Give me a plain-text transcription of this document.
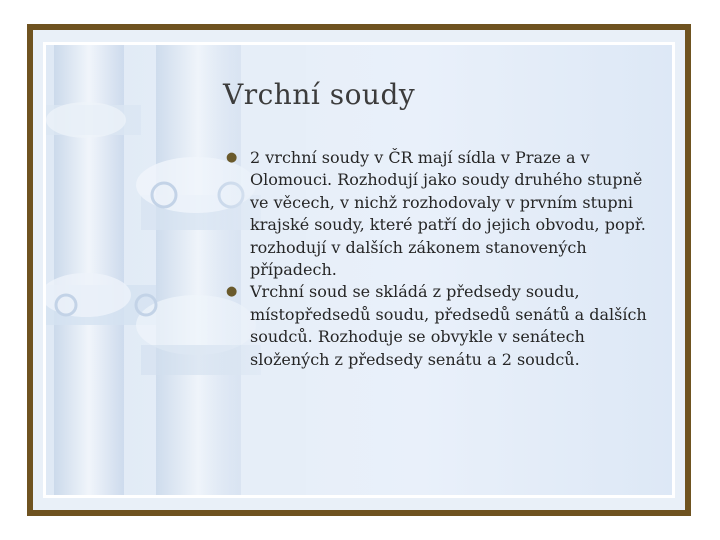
Vrchní soudy
● 2 vrchní soudy v ČR mají sídla v Praze a v Olomouci. Rozhodují jako soudy druhého stupně ve věcech, v nichž rozhodovaly v prvním stupni krajské soudy, které patří do jejich obvodu, popř. rozhodují v dalších zákonem stanovených případech.
● Vrchní soud se skládá z předsedy soudu, místopředsedů soudu, předsedů senátů a dalších soudců. Rozhoduje se obvykle v senátech složených z předsedy senátu a 2 soudců.
